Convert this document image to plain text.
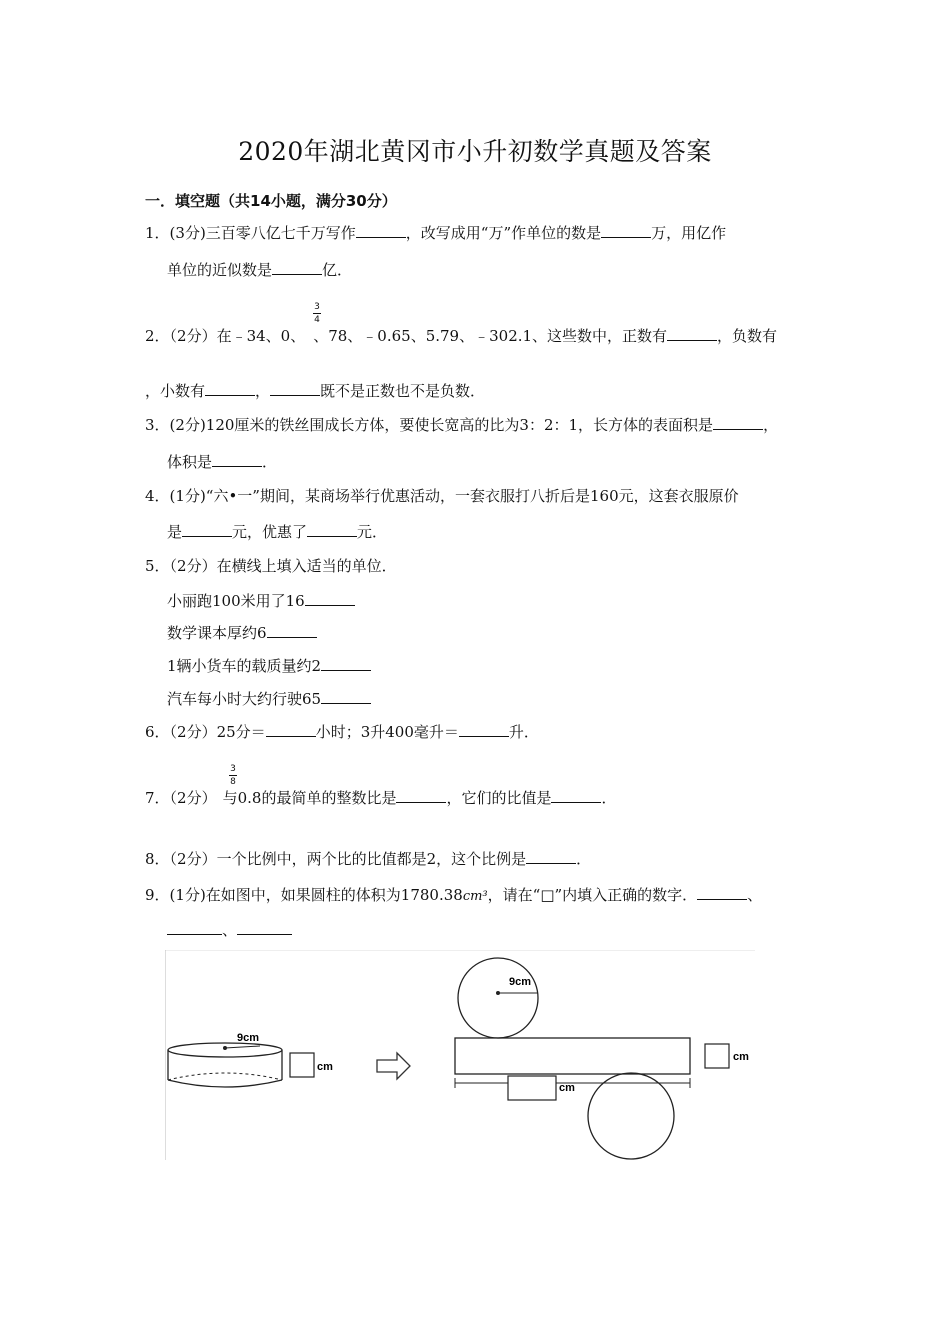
2020年湖北黄冈市小升初数学真题及答案
一．填空题（共14小题，满分30分）
1．(3分)三百零八亿七千万写作	，改写成用“万”作单位的数是	万，用亿作
单位的近似数是	亿．
3
4
2．（2分）在﹣34、0、 、78、﹣0.65、5.79、﹣302.1、这些数中，正数有	，负数有
，小数有	，	既不是正数也不是负数．
3．(2分)120厘米的铁丝围成长方体，要使长宽高的比为3：2：1，长方体的表面积是	，
体积是	．
4．(1分)“六•一”期间，某商场举行优惠活动，一套衣服打八折后是160元，这套衣服原价
是	元，优惠了	元．
5．（2分）在横线上填入适当的单位．
小丽跑100米用了16
数学课本厚约6
1辆小货车的载质量约2
汽车每小时大约行驶65
6．（2分）25分＝	小时；3升400毫升＝	升．
3
8
7．（2分） 与0.8的最简单的整数比是	，它们的比值是	．
8．（2分）一个比例中，两个比的比值都是2，这个比例是	．
9．(1分)在如图中，如果圆柱的体积为1780.38cm³，请在“□”内填入正确的数字．	、
、
9cm
cm
9cm
cm
cm
